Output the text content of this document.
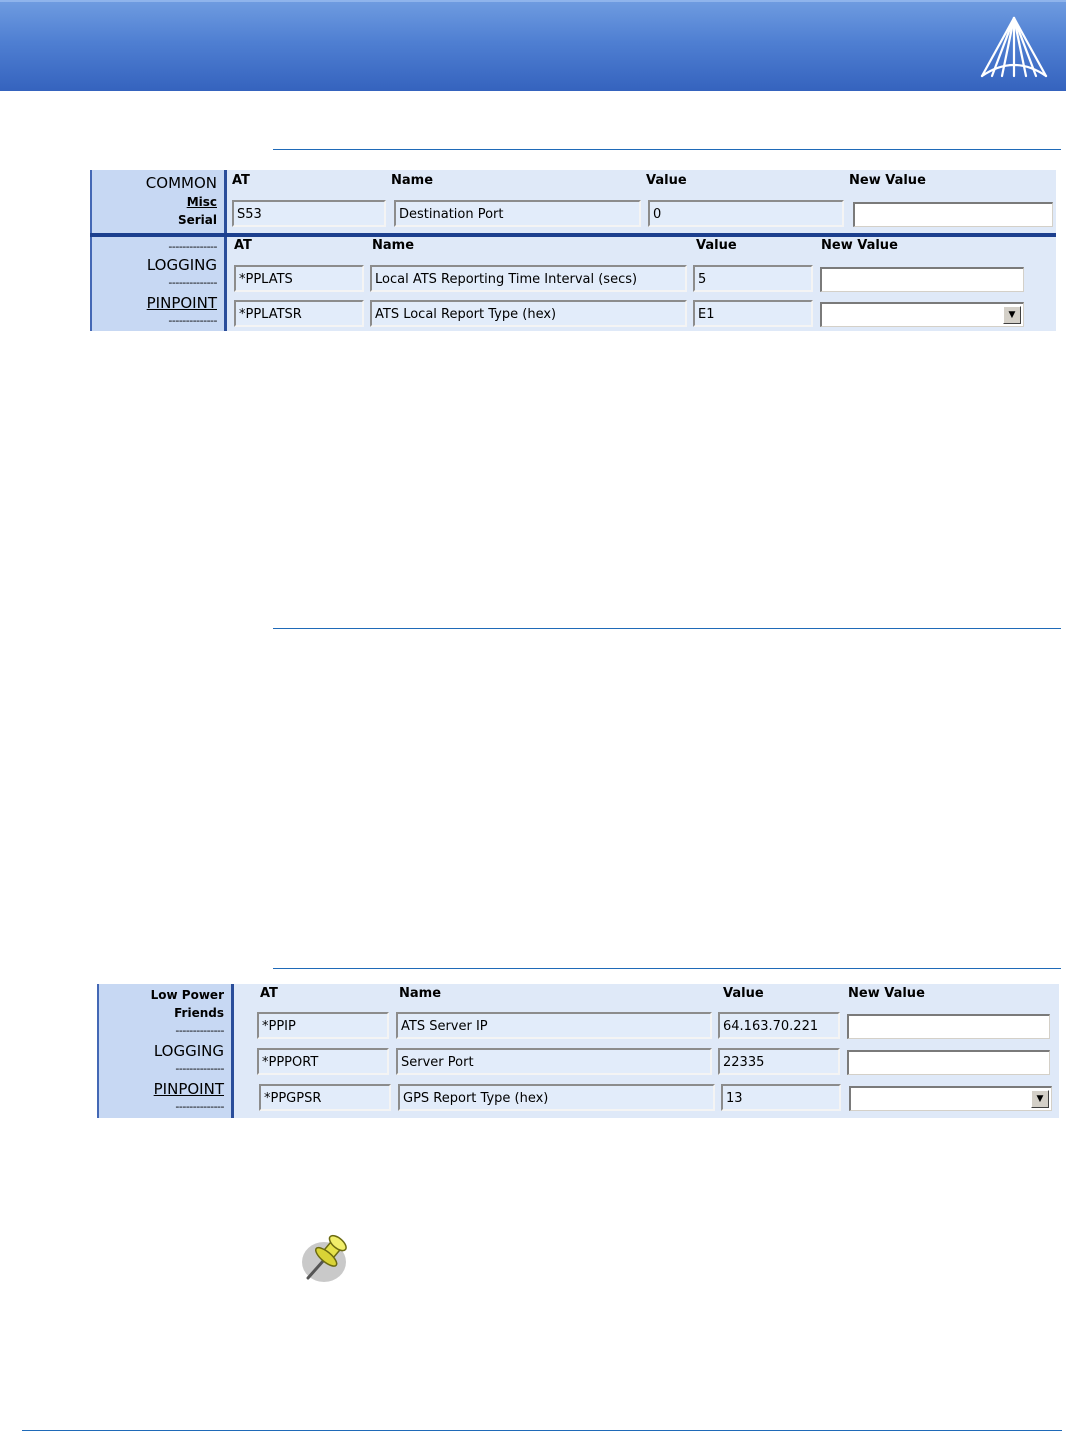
COMMON
Misc
Serial
--------------
LOGGING
--------------
PINPOINT
--------------
AT	Name	Value	New Value
S53	Destination Port	0
AT	Name	Value	New Value
*PPLATS	Local ATS Reporting Time Interval (secs)	5
*PPLATSR	ATS Local Report Type (hex)	E1	▼
Low Power
Friends
--------------
LOGGING
--------------
PINPOINT
--------------
AT	Name	Value	New Value
*PPIP	ATS Server IP	64.163.70.221
*PPPORT	Server Port	22335
*PPGPSR	GPS Report Type (hex)	13	▼
